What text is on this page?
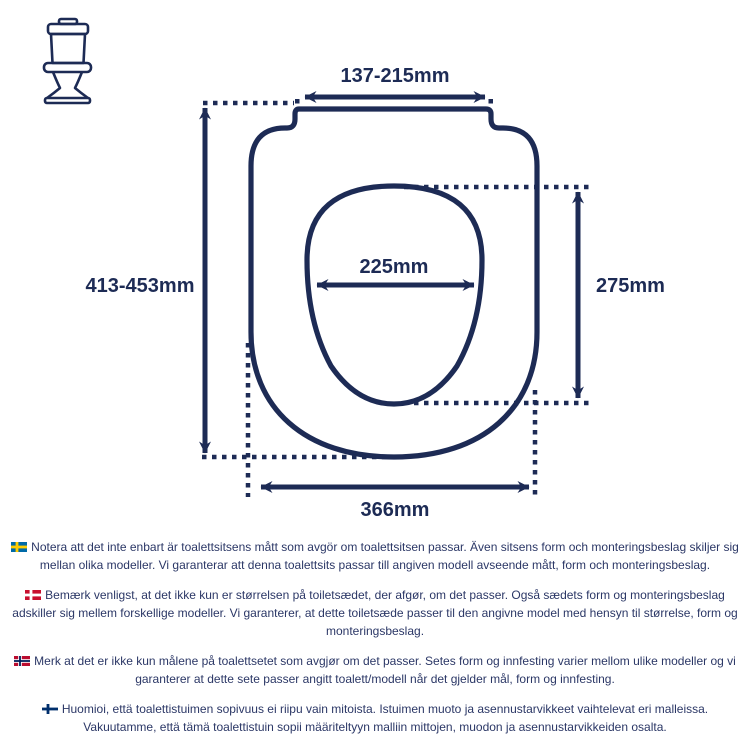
137-215mm
413-453mm
225mm
275mm
366mm

Notera att det inte enbart är toalettsitsens mått som avgör om toalettsitsen passar. Även sitsens form och monteringsbeslag skiljer sig mellan olika modeller. Vi garanterar att denna toalettsits passar till angiven modell avseende mått, form och monteringsbeslag.

Bemærk venligst, at det ikke kun er størrelsen på toiletsædet, der afgør, om det passer. Også sædets form og monteringsbeslag adskiller sig mellem forskellige modeller. Vi garanterer, at dette toiletsæde passer til den angivne model med hensyn til størrelse, form og monteringsbeslag.

Merk at det er ikke kun målene på toalettsetet som avgjør om det passer. Setes form og innfesting varier mellom ulike modeller og vi garanterer at dette sete passer angitt toalett/modell når det gjelder mål, form og innfesting.

Huomioi, että toalettistuimen sopivuus ei riipu vain mitoista. Istuimen muoto ja asennustarvikkeet vaihtelevat eri malleissa. Vakuutamme, että tämä toalettistuin sopii määriteltyyn malliin mittojen, muodon ja asennustarvikkeiden osalta.
